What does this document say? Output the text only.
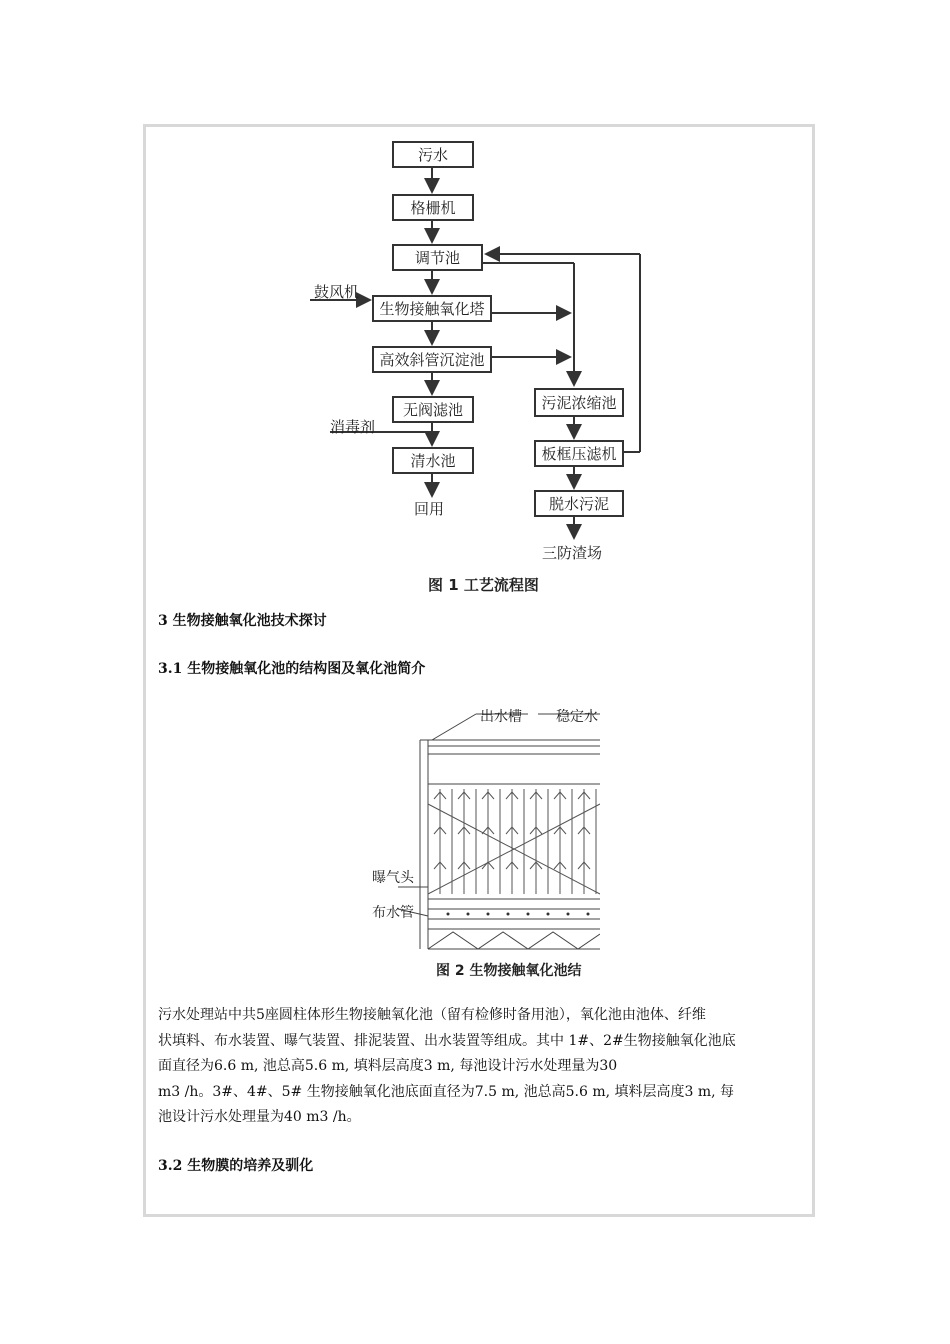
污水
格栅机
调节池
生物接触氧化塔
高效斜管沉淀池
无阀滤池
清水池
污泥浓缩池
板框压滤机
脱水污泥
鼓风机
消毒剂
回用
三防渣场
图 1 工艺流程图
3 生物接触氧化池技术探讨
3.1 生物接触氧化池的结构图及氧化池简介
出水槽 稳定水
曝气头
布水管
图 2 生物接触氧化池结
污水处理站中共5座圆柱体形生物接触氧化池（留有检修时备用池），氧化池由池体、纤维
状填料、布水装置、曝气装置、排泥装置、出水装置等组成。其中 1#、2#生物接触氧化池底
面直径为6.6 m, 池总高5.6 m, 填料层高度3 m, 每池设计污水处理量为30
m3 /h。3#、4#、5# 生物接触氧化池底面直径为7.5 m, 池总高5.6 m, 填料层高度3 m, 每
池设计污水处理量为40 m3 /h。
3.2 生物膜的培养及驯化
